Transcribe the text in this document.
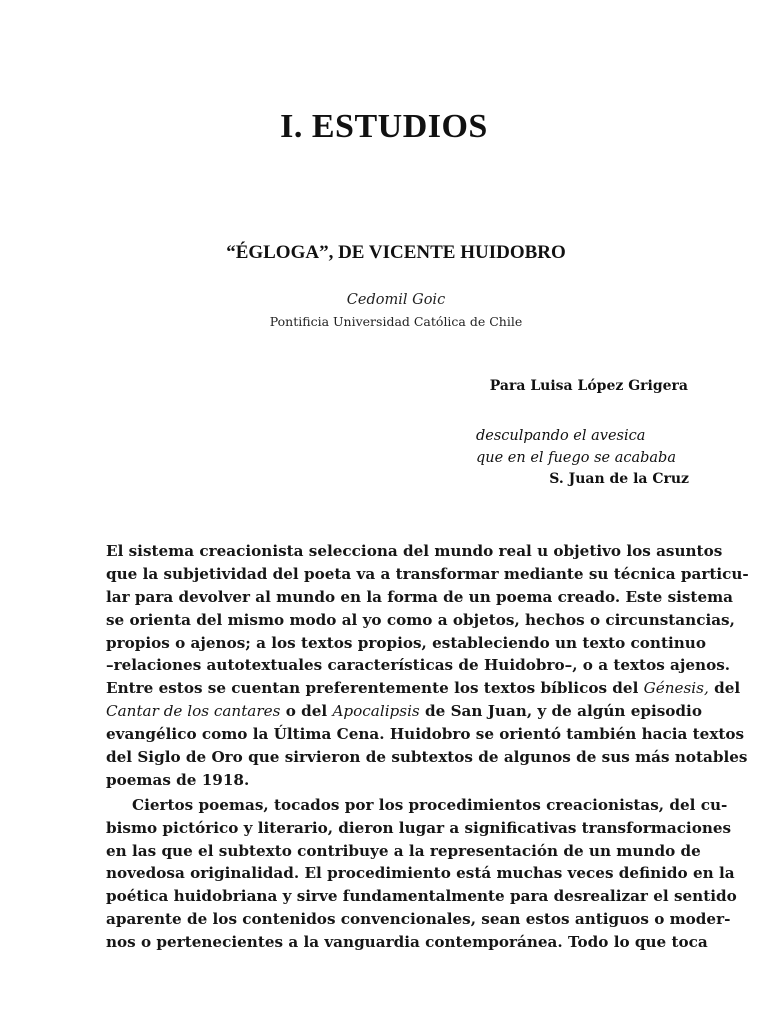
I. ESTUDIOS
“ÉGLOGA”, DE VICENTE HUIDOBRO
Cedomil Goic
Pontificia Universidad Católica de Chile
Para Luisa López Grigera
desculpando el avesica
que en el fuego se acababa
S. Juan de la Cruz

El sistema creacionista selecciona del mundo real u objetivo los asuntos
que la subjetividad del poeta va a transformar mediante su técnica particu-
lar para devolver al mundo en la forma de un poema creado. Este sistema
se orienta del mismo modo al yo como a objetos, hechos o circunstancias,
propios o ajenos; a los textos propios, estableciendo un texto continuo
–relaciones autotextuales características de Huidobro–, o a textos ajenos.
Entre estos se cuentan preferentemente los textos bíblicos del Génesis, del
Cantar de los cantares o del Apocalipsis de San Juan, y de algún episodio
evangélico como la Última Cena. Huidobro se orientó también hacia textos
del Siglo de Oro que sirvieron de subtextos de algunos de sus más notables
poemas de 1918.

Ciertos poemas, tocados por los procedimientos creacionistas, del cu-
bismo pictórico y literario, dieron lugar a significativas transformaciones
en las que el subtexto contribuye a la representación de un mundo de
novedosa originalidad. El procedimiento está muchas veces definido en la
poética huidobriana y sirve fundamentalmente para desrealizar el sentido
aparente de los contenidos convencionales, sean estos antiguos o moder-
nos o pertenecientes a la vanguardia contemporánea. Todo lo que toca
